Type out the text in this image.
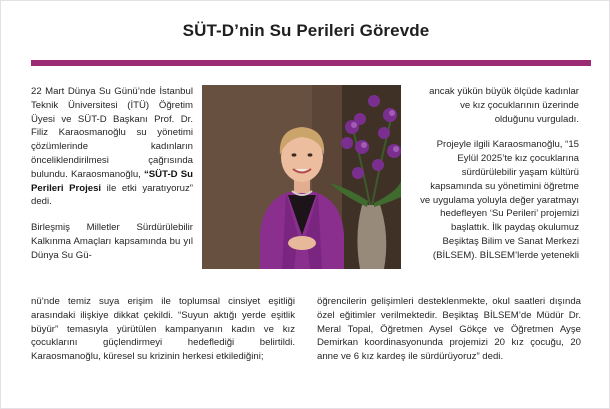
SÜT-D’nin Su Perileri Görevde

22 Mart Dünya Su Günü’nde İstanbul Teknik Üniversitesi (İTÜ) Öğretim Üyesi ve SÜT-D Başkanı Prof. Dr. Filiz Karaosmanoğlu su yönetimi çözümlerinde kadınların önceliklendirilmesi çağrısında bulundu. Karaosmanoğlu, “SÜT-D Su Perileri Projesi ile etki yaratıyoruz” dedi.

Birleşmiş Milletler Sürdürülebilir Kalkınma Amaçları kapsamında bu yıl Dünya Su Gü-

ancak yükün büyük ölçüde kadınlar ve kız çocuklarının üzerinde olduğunu vurguladı.

Projeyle ilgili Karaosmanoğlu, “15 Eylül 2025’te kız çocuklarına sürdürülebilir yaşam kültürü kapsamında su yönetimini öğretme ve uygulama yoluyla değer yaratmayı hedefleyen ‘Su Perileri’ projemizi başlattık. İlk paydaş okulumuz Beşiktaş Bilim ve Sanat Merkezi (BİLSEM). BİLSEM’lerde yetenekli

nü’nde temiz suya erişim ile toplumsal cinsiyet eşitliği arasındaki ilişkiye dikkat çekildi. “Suyun aktığı yerde eşitlik büyür” temasıyla yürütülen kampanyanın kadın ve kız çocuklarını güçlendirmeyi hedeflediği belirtildi. Karaosmanoğlu, küresel su krizinin herkesi etkilediğini;

öğrencilerin gelişimleri desteklenmekte, okul saatleri dışında özel eğitimler verilmektedir. Beşiktaş BİLSEM’de Müdür Dr. Meral Topal, Öğretmen Aysel Gökçe ve Öğretmen Ayşe Demirkan koordinasyonunda projemizi 20 kız çocuğu, 20 anne ve 6 kız kardeş ile sürdürüyoruz” dedi.
